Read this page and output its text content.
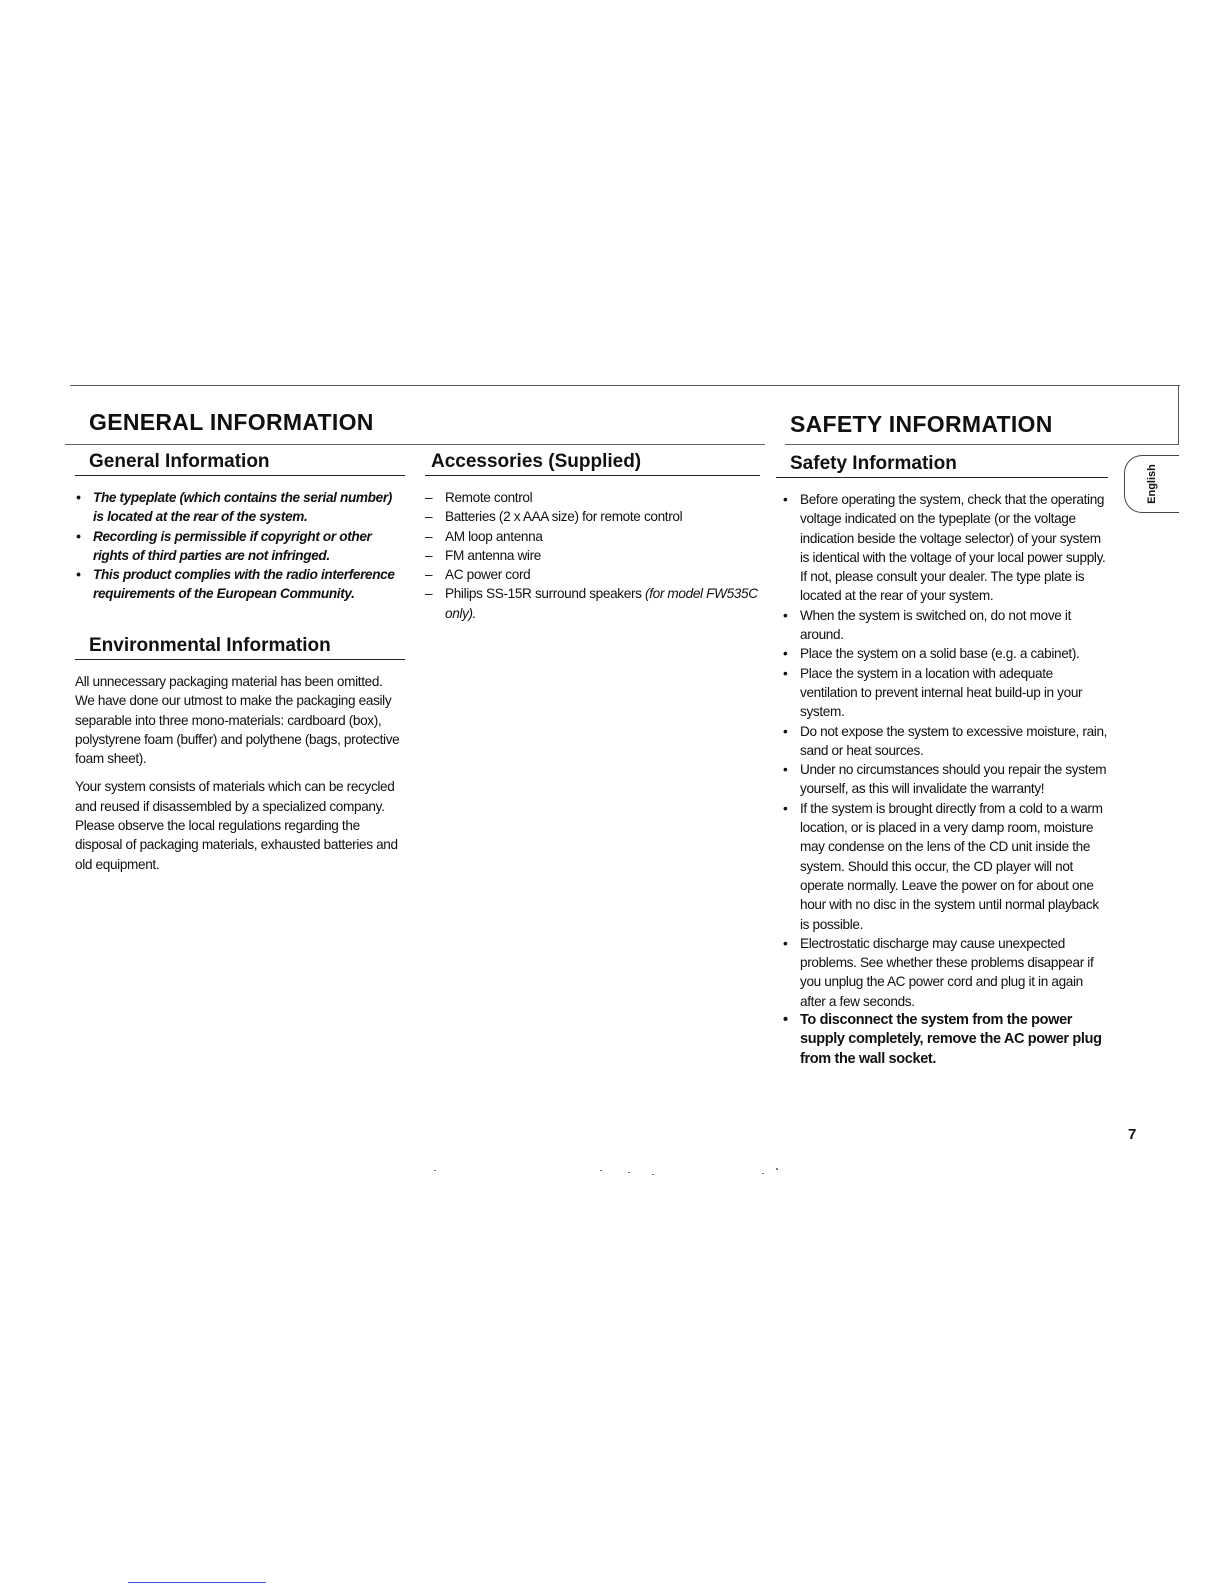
GENERAL INFORMATION	SAFETY INFORMATION
English
General Information
• The typeplate (which contains the serial number) is located at the rear of the system.
• Recording is permissible if copyright or other rights of third parties are not infringed.
• This product complies with the radio interference requirements of the European Community.
Environmental Information

All unnecessary packaging material has been omitted. We have done our utmost to make the packaging easily separable into three mono-materials: cardboard (box), polystyrene foam (buffer) and polythene (bags, protective foam sheet).

Your system consists of materials which can be recycled and reused if disassembled by a specialized company. Please observe the local regulations regarding the disposal of packaging materials, exhausted batteries and old equipment.

Accessories (Supplied)
– Remote control
– Batteries (2 x AAA size) for remote control
– AM loop antenna
– FM antenna wire
– AC power cord
– Philips SS-15R surround speakers (for model FW535C only).
Safety Information
• Before operating the system, check that the operating voltage indicated on the typeplate (or the voltage indication beside the voltage selector) of your system is identical with the voltage of your local power supply. If not, please consult your dealer. The type plate is located at the rear of your system.
• When the system is switched on, do not move it around.
• Place the system on a solid base (e.g. a cabinet).
• Place the system in a location with adequate ventilation to prevent internal heat build-up in your system.
• Do not expose the system to excessive moisture, rain, sand or heat sources.
• Under no circumstances should you repair the system yourself, as this will invalidate the warranty!
• If the system is brought directly from a cold to a warm location, or is placed in a very damp room, moisture may condense on the lens of the CD unit inside the system. Should this occur, the CD player will not operate normally. Leave the power on for about one hour with no disc in the system until normal playback is possible.
• Electrostatic discharge may cause unexpected problems. See whether these problems disappear if you unplug the AC power cord and plug it in again after a few seconds.
• To disconnect the system from the power supply completely, remove the AC power plug from the wall socket.
7
